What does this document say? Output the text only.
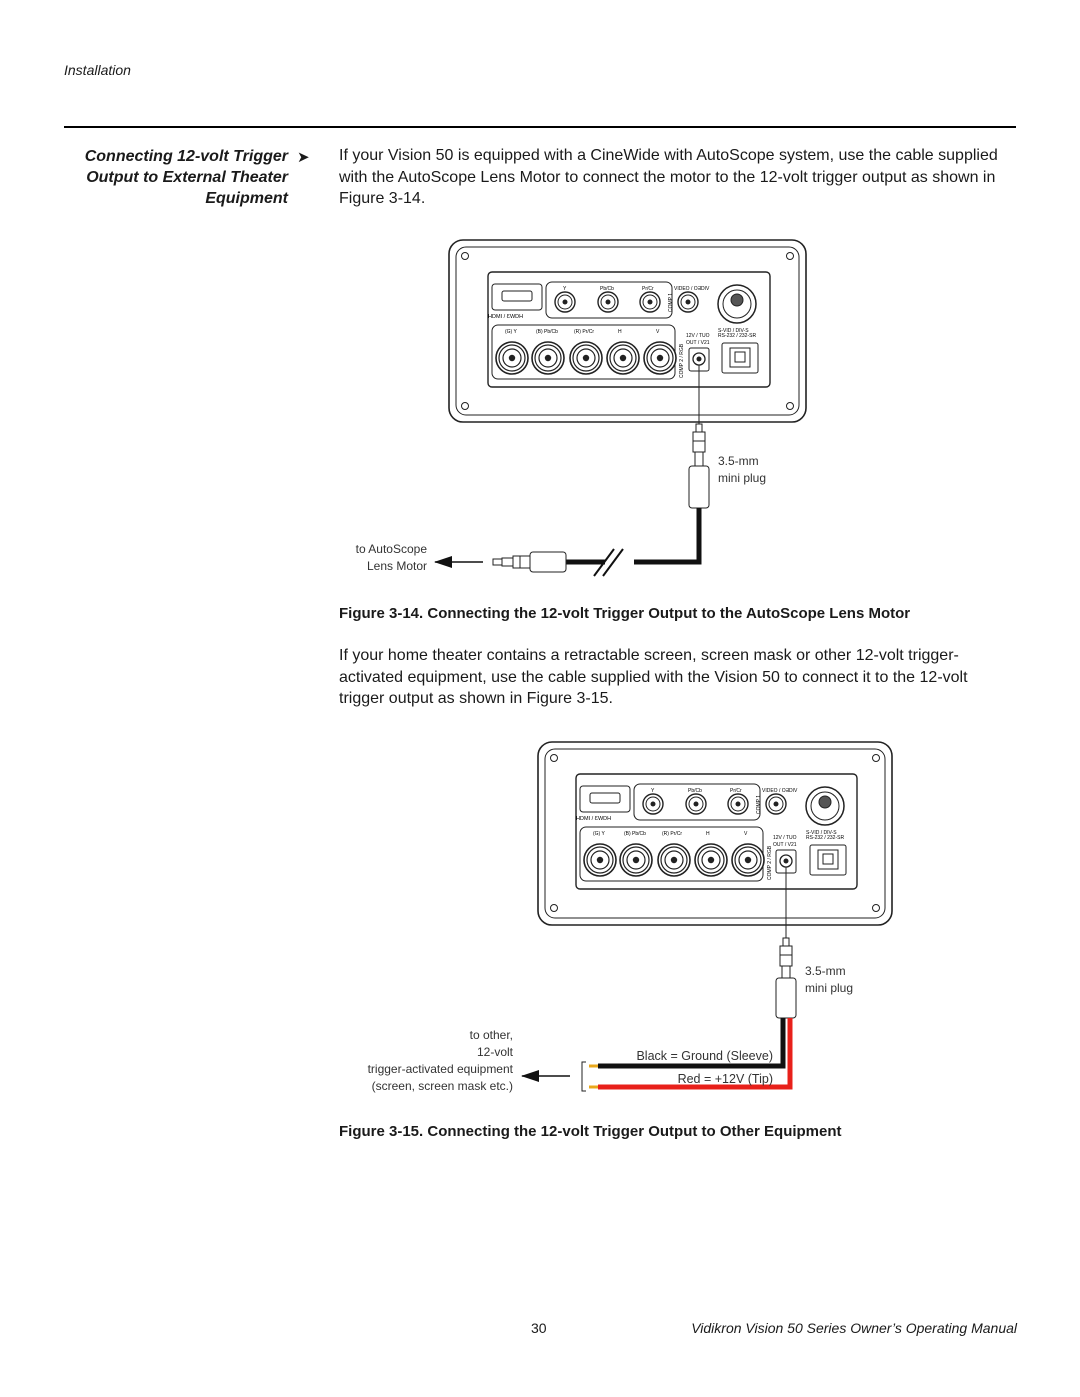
Installation
Connecting 12-volt Trigger
Output to External Theater
Equipment
➤ If your Vision 50 is equipped with a CineWide with AutoScope system, use the cable supplied with the AutoScope Lens Motor to connect the motor to the 12-volt trigger output as shown in Figure 3-14.
HDMI / ƐWDH
Y	Pb/Cb	Pr/Cr	VIDEO / OƎDIV
COMP 1
S-VID / DIV-S
(G) Y	(B) Pb/Cb	(R) Pr/Cr	H	V
COMP 2 / RGB
12V / TUO
OUT / V21
RS-232 / 232-SR
3.5-mm
mini plug
to AutoScope
Lens Motor
HDMI / ƐWDH
Y	Pb/Cb	Pr/Cr	VIDEO / OƎDIV
COMP 1
S-VID / DIV-S
(G) Y	(B) Pb/Cb	(R) Pr/Cr	H	V
COMP 2 / RGB
12V / TUO
OUT / V21
RS-232 / 232-SR
3.5-mm
mini plug
to other,
12-volt
trigger-activated equipment
(screen, screen mask etc.)
Black = Ground (Sleeve)
Red = +12V (Tip)
Figure 3-14. Connecting the 12-volt Trigger Output to the AutoScope Lens Motor
If your home theater contains a retractable screen, screen mask or other 12-volt trigger-activated equipment, use the cable supplied with the Vision 50 to connect it to the 12-volt trigger output as shown in Figure 3-15.
Figure 3-15. Connecting the 12-volt Trigger Output to Other Equipment
30	Vidikron Vision 50 Series Owner’s Operating Manual
